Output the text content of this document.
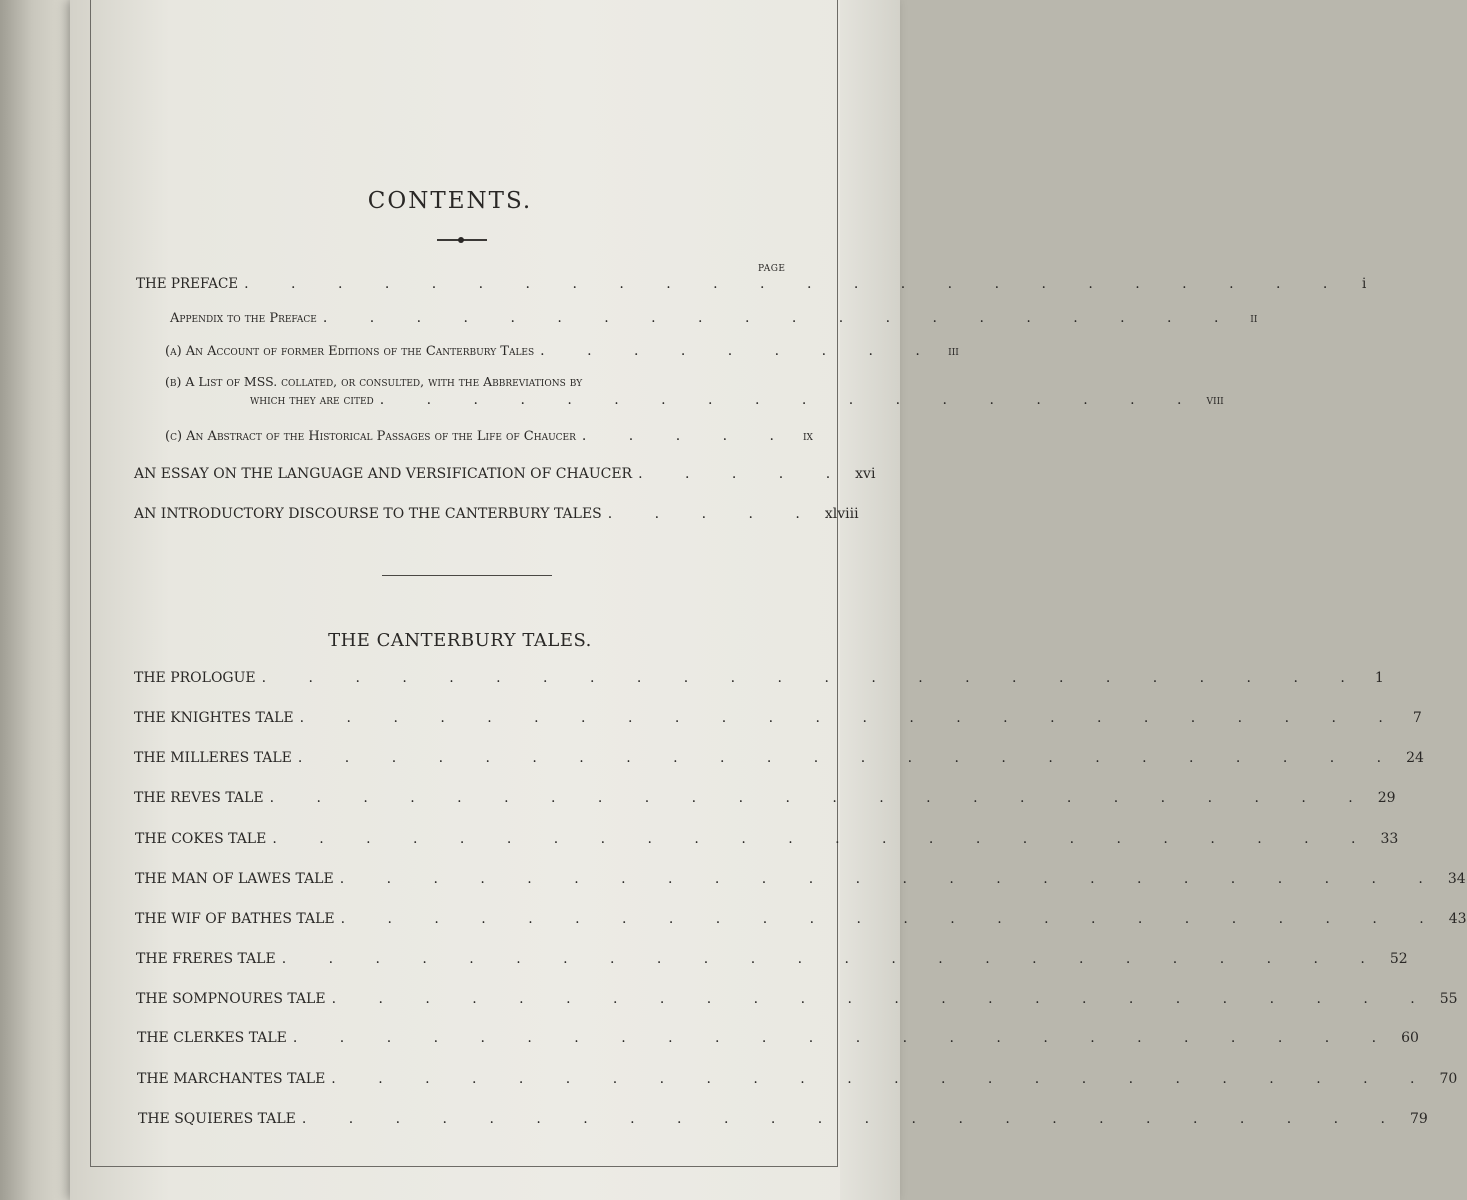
CONTENTS.
PAGE
THE PREFACE . . . . . . . . . . . . . . . . . . . . . . . .	i
Appendix to the Preface . . . . . . . . . . . . . . . . . . . . ii
(a) An Account of former Editions of the Canterbury Tales . . . . . . . . . iii
(b) A List of MSS. collated, or consulted, with the Abbreviations by
which they are cited . . . . . . . . . . . . . . . . . . viii
(c) An Abstract of the Historical Passages of the Life of Chaucer . . . . . ix
AN ESSAY ON THE LANGUAGE AND VERSIFICATION OF CHAUCER . . . . . xvi
AN INTRODUCTORY DISCOURSE TO THE CANTERBURY TALES . . . . . xlviii
THE CANTERBURY TALES.
THE PROLOGUE . . . . . . . . . . . . . . . . . . . . . . . . 1
THE KNIGHTES TALE . . . . . . . . . . . . . . . . . . . . . . . . 7
THE MILLERES TALE . . . . . . . . . . . . . . . . . . . . . . . . 24
THE REVES TALE . . . . . . . . . . . . . . . . . . . . . . . . 29
THE COKES TALE . . . . . . . . . . . . . . . . . . . . . . . . 33
THE MAN OF LAWES TALE . . . . . . . . . . . . . . . . . . . . . . . . 34
THE WIF OF BATHES TALE . . . . . . . . . . . . . . . . . . . . . . . . 43
THE FRERES TALE . . . . . . . . . . . . . . . . . . . . . . . . 52
THE SOMPNOURES TALE . . . . . . . . . . . . . . . . . . . . . . . . 55
THE CLERKES TALE . . . . . . . . . . . . . . . . . . . . . . . . 60
THE MARCHANTES TALE . . . . . . . . . . . . . . . . . . . . . . . . 70
THE SQUIERES TALE . . . . . . . . . . . . . . . . . . . . . . . . 79
